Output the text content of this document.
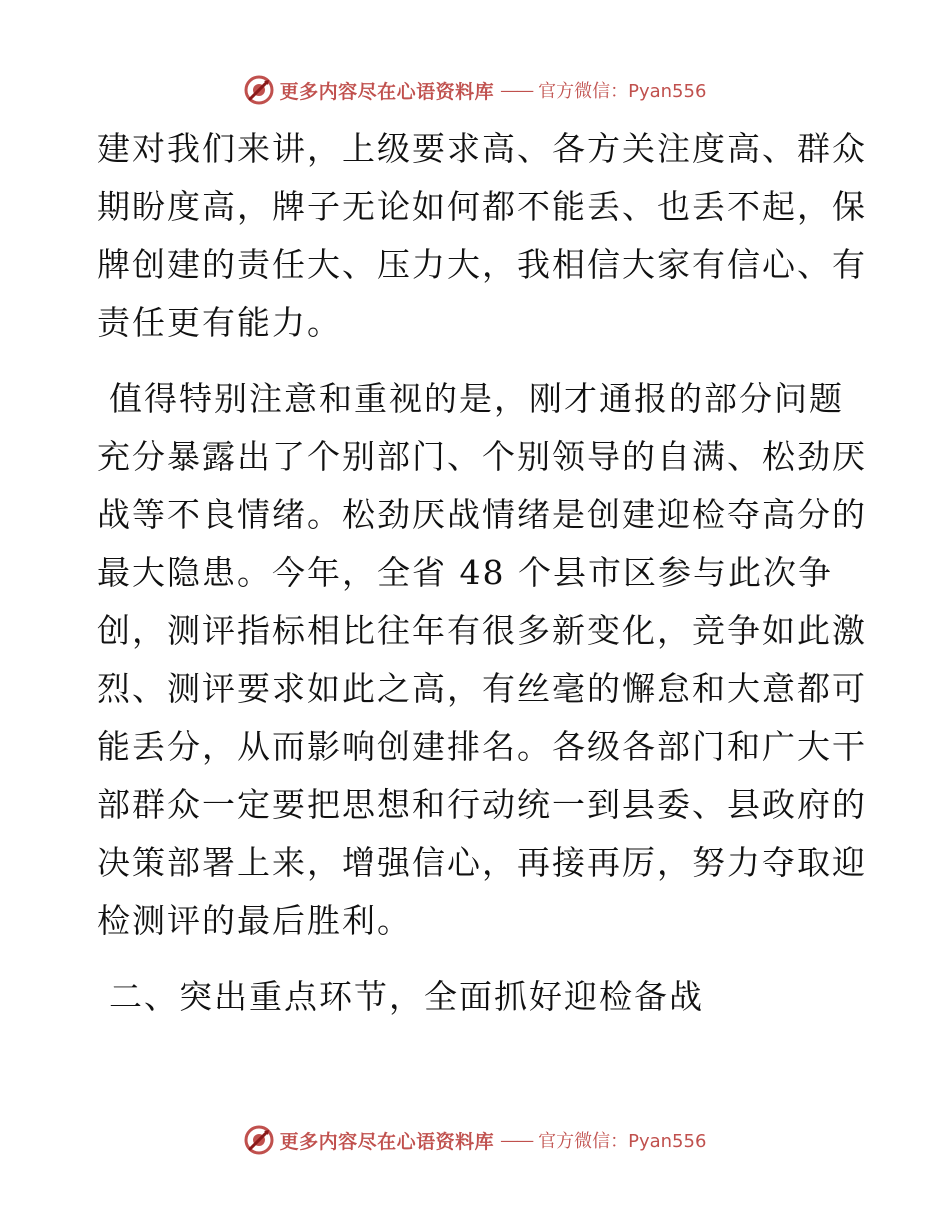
更多内容尽在心语资料库 —— 官方微信：Pyan556

建对我们来讲，上级要求高、各方关注度高、群众
期盼度高，牌子无论如何都不能丢、也丢不起，保
牌创建的责任大、压力大，我相信大家有信心、有
责任更有能力。

值得特别注意和重视的是，刚才通报的部分问题
充分暴露出了个别部门、个别领导的自满、松劲厌
战等不良情绪。松劲厌战情绪是创建迎检夺高分的
最大隐患。今年，全省 48 个县市区参与此次争
创，测评指标相比往年有很多新变化，竞争如此激
烈、测评要求如此之高，有丝毫的懈怠和大意都可
能丢分，从而影响创建排名。各级各部门和广大干
部群众一定要把思想和行动统一到县委、县政府的
决策部署上来，增强信心，再接再厉，努力夺取迎
检测评的最后胜利。

二、突出重点环节，全面抓好迎检备战

更多内容尽在心语资料库 —— 官方微信：Pyan556
